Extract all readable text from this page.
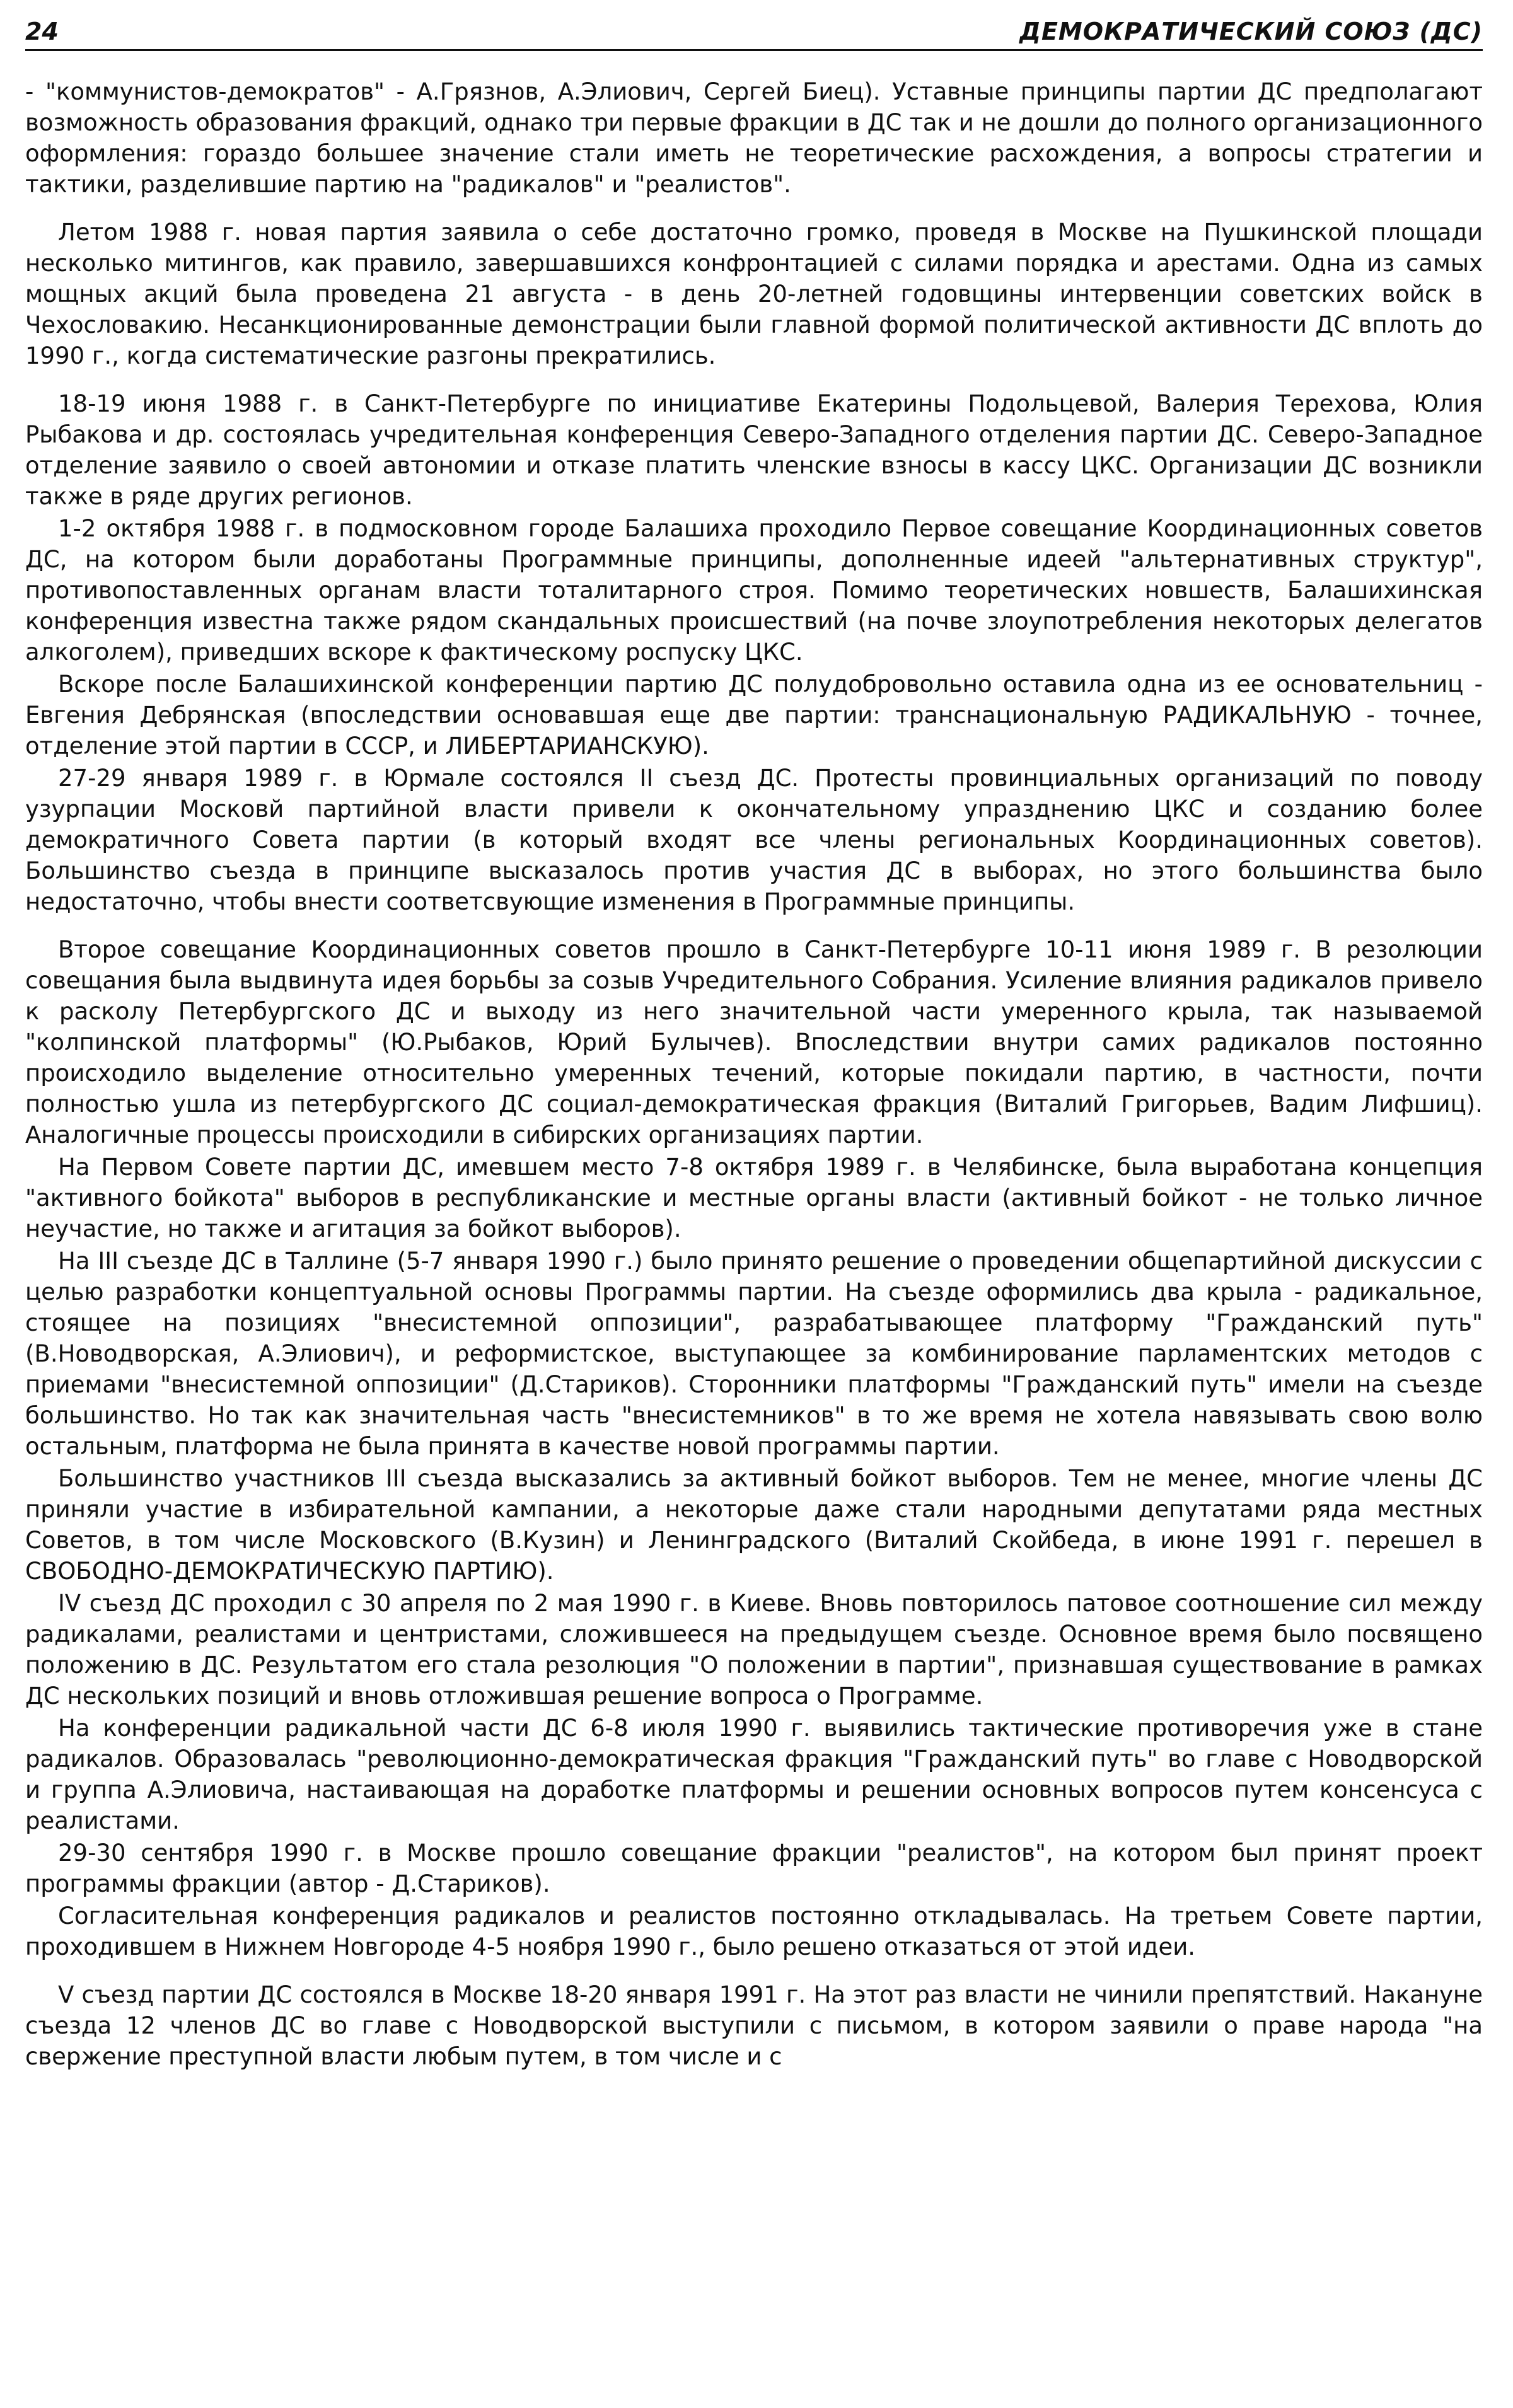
24	ДЕМОКРАТИЧЕСКИЙ СОЮЗ (ДС)

- "коммунистов-демократов" - А.Грязнов, А.Элиович, Сергей Биец). Уставные принципы партии ДС предполагают возможность образования фракций, однако три первые фракции в ДС так и не дошли до полного организационного оформления: гораздо большее значение стали иметь не теоретические расхождения, а вопросы стратегии и тактики, разделившие партию на "радикалов" и "реалистов".

Летом 1988 г. новая партия заявила о себе достаточно громко, проведя в Москве на Пушкинской площади несколько митингов, как правило, завершавшихся конфронтацией с силами порядка и арестами. Одна из самых мощных акций была проведена 21 августа - в день 20-летней годовщины интервенции советских войск в Чехословакию. Несанкционированные демонстрации были главной формой политической активности ДС вплоть до 1990 г., когда систематические разгоны прекратились.

18-19 июня 1988 г. в Санкт-Петербурге по инициативе Екатерины Подольцевой, Валерия Терехова, Юлия Рыбакова и др. состоялась учредительная конференция Северо-Западного отделения партии ДС. Северо-Западное отделение заявило о своей автономии и отказе платить членские взносы в кассу ЦКС. Организации ДС возникли также в ряде других регионов.

1-2 октября 1988 г. в подмосковном городе Балашиха проходило Первое совещание Координационных советов ДС, на котором были доработаны Программные принципы, дополненные идеей "альтернативных структур", противопоставленных органам власти тоталитарного строя. Помимо теоретических новшеств, Балашихинская конференция известна также рядом скандальных происшествий (на почве злоупотребления некоторых делегатов алкоголем), приведших вскоре к фактическому роспуску ЦКС.

Вскоре после Балашихинской конференции партию ДС полудобровольно оставила одна из ее основательниц - Евгения Дебрянская (впоследствии основавшая еще две партии: транснациональную РАДИКАЛЬНУЮ - точнее, отделение этой партии в СССР, и ЛИБЕРТАРИАНСКУЮ).

27-29 января 1989 г. в Юрмале состоялся II съезд ДС. Протесты провинциальных организаций по поводу узурпации Московй партийной власти привели к окончательному упразднению ЦКС и созданию более демократичного Совета партии (в который входят все члены региональных Координационных советов). Большинство съезда в принципе высказалось против участия ДС в выборах, но этого большинства было недостаточно, чтобы внести соответсвующие изменения в Программные принципы.

Второе совещание Координационных советов прошло в Санкт-Петербурге 10-11 июня 1989 г. В резолюции совещания была выдвинута идея борьбы за созыв Учредительного Собрания. Усиление влияния радикалов привело к расколу Петербургского ДС и выходу из него значительной части умеренного крыла, так называемой "колпинской платформы" (Ю.Рыбаков, Юрий Булычев). Впоследствии внутри самих радикалов постоянно происходило выделение относительно умеренных течений, которые покидали партию, в частности, почти полностью ушла из петербургского ДС социал-демократическая фракция (Виталий Григорьев, Вадим Лифшиц). Аналогичные процессы происходили в сибирских организациях партии.

На Первом Совете партии ДС, имевшем место 7-8 октября 1989 г. в Челябинске, была выработана концепция "активного бойкота" выборов в республиканские и местные органы власти (активный бойкот - не только личное неучастие, но также и агитация за бойкот выборов).

На III съезде ДС в Таллине (5-7 января 1990 г.) было принято решение о проведении общепартийной дискуссии с целью разработки концептуальной основы Программы партии. На съезде оформились два крыла - радикальное, стоящее на позициях "внесистемной оппозиции", разрабатывающее платформу "Гражданский путь" (В.Новодворская, А.Элиович), и реформистское, выступающее за комбинирование парламентских методов с приемами "внесистемной оппозиции" (Д.Стариков). Сторонники платформы "Гражданский путь" имели на съезде большинство. Но так как значительная часть "внесистемников" в то же время не хотела навязывать свою волю остальным, платформа не была принята в качестве новой программы партии.

Большинство участников III съезда высказались за активный бойкот выборов. Тем не менее, многие члены ДС приняли участие в избирательной кампании, а некоторые даже стали народными депутатами ряда местных Советов, в том числе Московского (В.Кузин) и Ленинградского (Виталий Скойбеда, в июне 1991 г. перешел в СВОБОДНО-ДЕМОКРАТИЧЕСКУЮ ПАРТИЮ).

IV съезд ДС проходил с 30 апреля по 2 мая 1990 г. в Киеве. Вновь повторилось патовое соотношение сил между радикалами, реалистами и центристами, сложившееся на предыдущем съезде. Основное время было посвящено положению в ДС. Результатом его стала резолюция "О положении в партии", признавшая существование в рамках ДС нескольких позиций и вновь отложившая решение вопроса о Программе.

На конференции радикальной части ДС 6-8 июля 1990 г. выявились тактические противоречия уже в стане радикалов. Образовалась "революционно-демократическая фракция "Гражданский путь" во главе с Новодворской и группа А.Элиовича, настаивающая на доработке платформы и решении основных вопросов путем консенсуса с реалистами.

29-30 сентября 1990 г. в Москве прошло совещание фракции "реалистов", на котором был принят проект программы фракции (автор - Д.Стариков).

Согласительная конференция радикалов и реалистов постоянно откладывалась. На третьем Совете партии, проходившем в Нижнем Новгороде 4-5 ноября 1990 г., было решено отказаться от этой идеи.

V съезд партии ДС состоялся в Москве 18-20 января 1991 г. На этот раз власти не чинили препятствий. Накануне съезда 12 членов ДС во главе с Новодворской выступили с письмом, в котором заявили о праве народа "на свержение преступной власти любым путем, в том числе и с
